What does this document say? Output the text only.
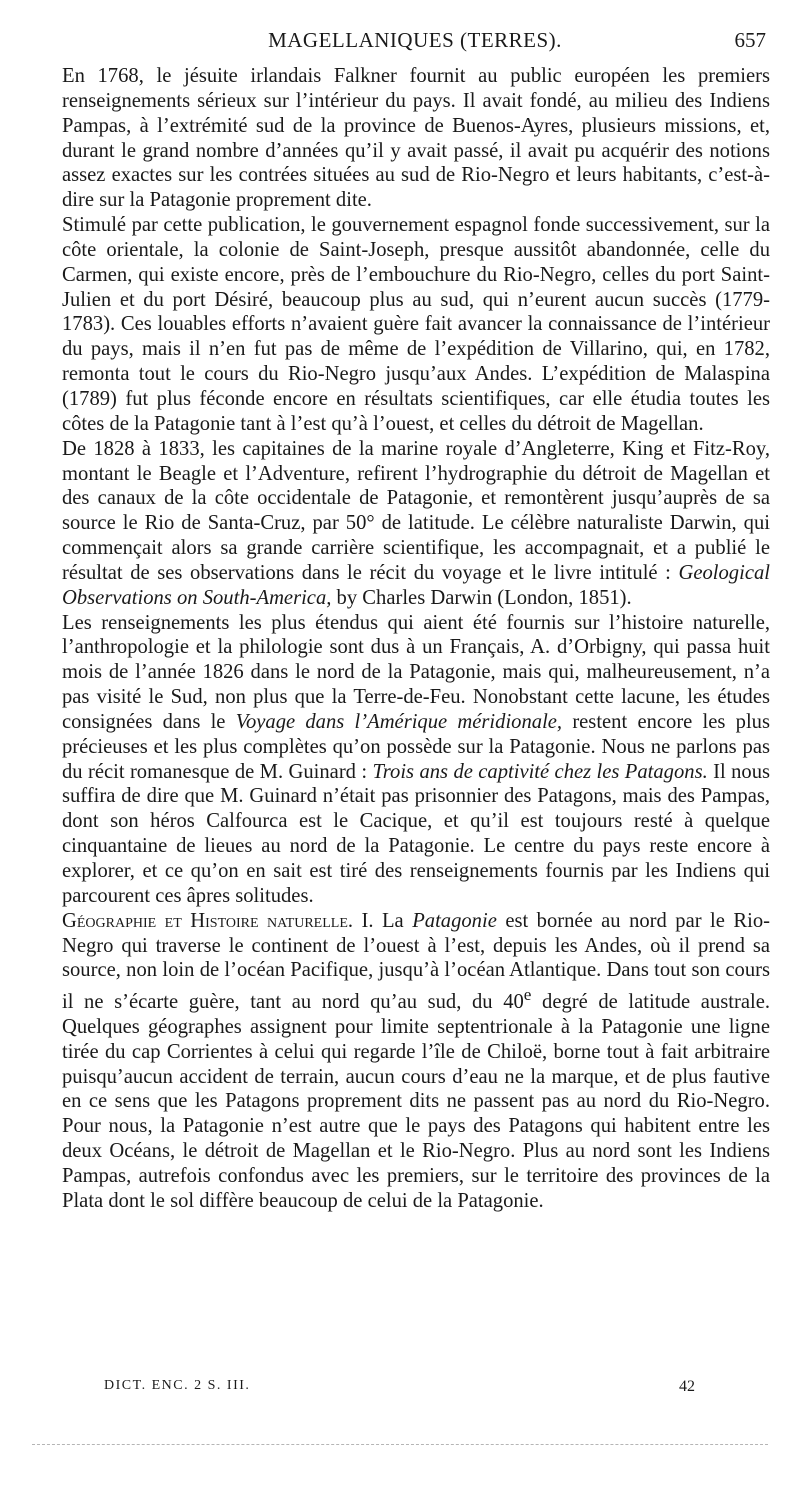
MAGELLANIQUES (TERRES).	657

En 1768, le jésuite irlandais Falkner fournit au public européen les premiers renseignements sérieux sur l’intérieur du pays. Il avait fondé, au milieu des Indiens Pampas, à l’extrémité sud de la province de Buenos-Ayres, plusieurs missions, et, durant le grand nombre d’années qu’il y avait passé, il avait pu acquérir des notions assez exactes sur les contrées situées au sud de Rio-Negro et leurs habitants, c’est-à-dire sur la Patagonie proprement dite.

Stimulé par cette publication, le gouvernement espagnol fonde successivement, sur la côte orientale, la colonie de Saint-Joseph, presque aussitôt abandonnée, celle du Carmen, qui existe encore, près de l’embouchure du Rio-Negro, celles du port Saint-Julien et du port Désiré, beaucoup plus au sud, qui n’eurent aucun succès (1779-1783). Ces louables efforts n’avaient guère fait avancer la connaissance de l’intérieur du pays, mais il n’en fut pas de même de l’expédition de Villarino, qui, en 1782, remonta tout le cours du Rio-Negro jusqu’aux Andes. L’expédition de Malaspina (1789) fut plus féconde encore en résultats scientifiques, car elle étudia toutes les côtes de la Patagonie tant à l’est qu’à l’ouest, et celles du détroit de Magellan.

De 1828 à 1833, les capitaines de la marine royale d’Angleterre, King et Fitz-Roy, montant le Beagle et l’Adventure, refirent l’hydrographie du détroit de Magellan et des canaux de la côte occidentale de Patagonie, et remontèrent jusqu’auprès de sa source le Rio de Santa-Cruz, par 50° de latitude. Le célèbre naturaliste Darwin, qui commençait alors sa grande carrière scientifique, les accompagnait, et a publié le résultat de ses observations dans le récit du voyage et le livre intitulé : Geological Observations on South-America, by Charles Darwin (London, 1851).

Les renseignements les plus étendus qui aient été fournis sur l’histoire naturelle, l’anthropologie et la philologie sont dus à un Français, A. d’Orbigny, qui passa huit mois de l’année 1826 dans le nord de la Patagonie, mais qui, malheureusement, n’a pas visité le Sud, non plus que la Terre-de-Feu. Nonobstant cette lacune, les études consignées dans le Voyage dans l’Amérique méridionale, restent encore les plus précieuses et les plus complètes qu’on possède sur la Patagonie. Nous ne parlons pas du récit romanesque de M. Guinard : Trois ans de captivité chez les Patagons. Il nous suffira de dire que M. Guinard n’était pas prisonnier des Patagons, mais des Pampas, dont son héros Calfourca est le Cacique, et qu’il est toujours resté à quelque cinquantaine de lieues au nord de la Patagonie. Le centre du pays reste encore à explorer, et ce qu’on en sait est tiré des renseignements fournis par les Indiens qui parcourent ces âpres solitudes.

Géographie et Histoire naturelle. I. La Patagonie est bornée au nord par le Rio-Negro qui traverse le continent de l’ouest à l’est, depuis les Andes, où il prend sa source, non loin de l’océan Pacifique, jusqu’à l’océan Atlantique. Dans tout son cours il ne s’écarte guère, tant au nord qu’au sud, du 40e degré de latitude australe. Quelques géographes assignent pour limite septentrionale à la Patagonie une ligne tirée du cap Corrientes à celui qui regarde l’île de Chiloë, borne tout à fait arbitraire puisqu’aucun accident de terrain, aucun cours d’eau ne la marque, et de plus fautive en ce sens que les Patagons proprement dits ne passent pas au nord du Rio-Negro. Pour nous, la Patagonie n’est autre que le pays des Patagons qui habitent entre les deux Océans, le détroit de Magellan et le Rio-Negro. Plus au nord sont les Indiens Pampas, autrefois confondus avec les premiers, sur le territoire des provinces de la Plata dont le sol diffère beaucoup de celui de la Patagonie.

DICT. ENC. 2 S. III.	42
